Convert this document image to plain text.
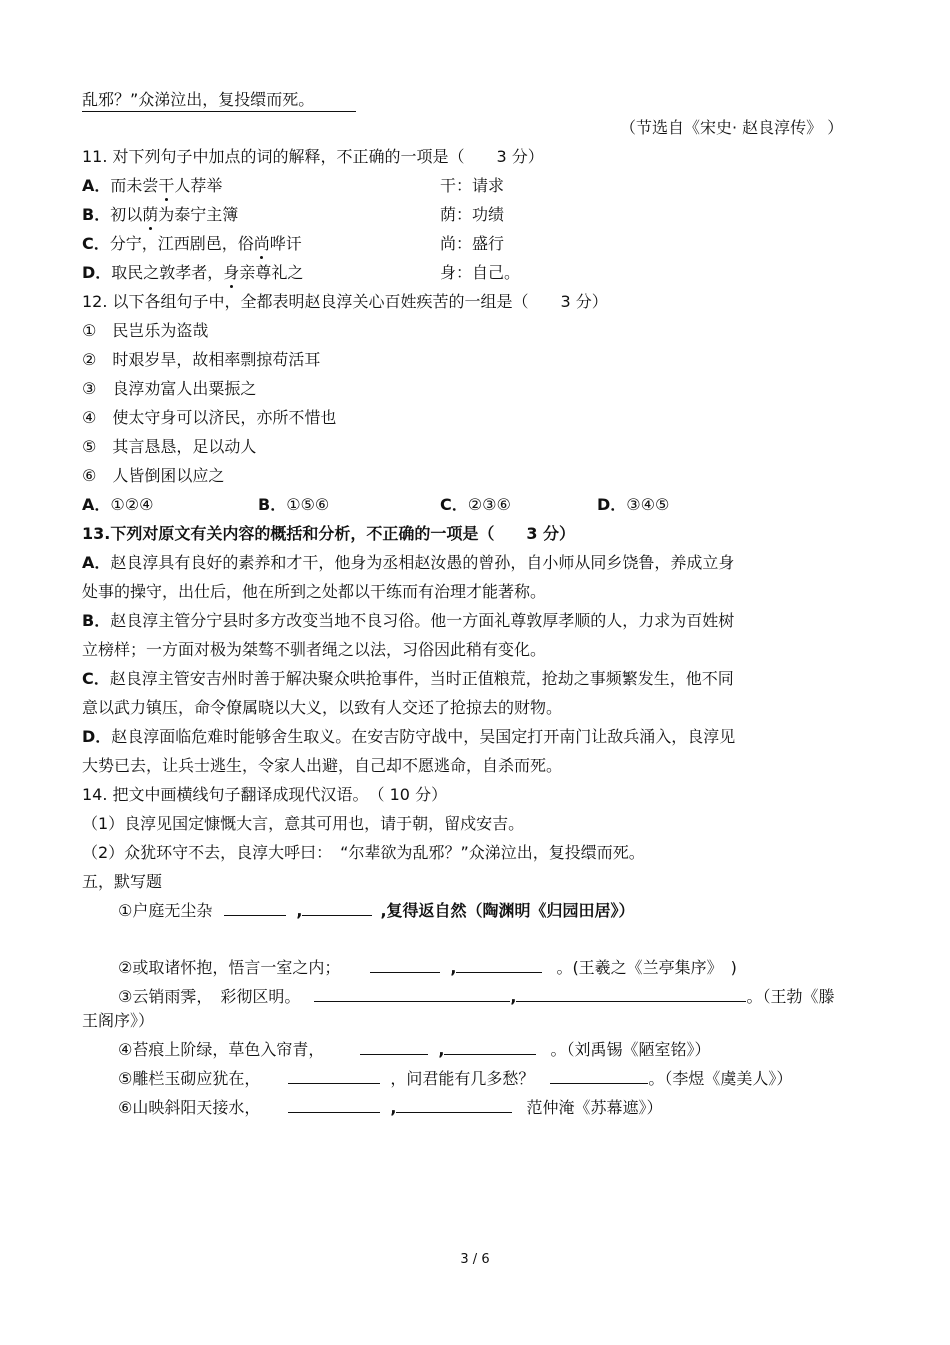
乱邪？”众涕泣出，复投缳而死。
（节选自《宋史· 赵良淳传》 ）
11. 对下列句子中加点的词的解释，不正确的一项是（　　3 分）
A．而未尝干人荐举	干：请求
B．初以荫为泰宁主簿	荫：功绩
C．分宁，江西剧邑，俗尚哗讦	尚：盛行
D．取民之敦孝者，身亲尊礼之	身：自己。
12. 以下各组句子中，全都表明赵良淳关心百姓疾苦的一组是（　　3 分）
①　民岂乐为盗哉
②　时艰岁旱，故相率剽掠苟活耳
③　良淳劝富人出粟振之
④　使太守身可以济民，亦所不惜也
⑤　其言恳恳，足以动人
⑥　人皆倒囷以应之
A．①②④	B．①⑤⑥	C．②③⑥	D．③④⑤
13.下列对原文有关内容的概括和分析，不正确的一项是（　　3 分）
A．赵良淳具有良好的素养和才干，他身为丞相赵汝愚的曾孙，自小师从同乡饶鲁，养成立身
处事的操守，出仕后，他在所到之处都以干练而有治理才能著称。
B．赵良淳主管分宁县时多方改变当地不良习俗。他一方面礼尊敦厚孝顺的人，力求为百姓树
立榜样；一方面对极为桀骜不驯者绳之以法，习俗因此稍有变化。
C．赵良淳主管安吉州时善于解决聚众哄抢事件，当时正值粮荒，抢劫之事频繁发生，他不同
意以武力镇压，命令僚属晓以大义，以致有人交还了抢掠去的财物。
D．赵良淳面临危难时能够舍生取义。在安吉防守战中，吴国定打开南门让敌兵涌入，良淳见
大势已去，让兵士逃生，令家人出避，自己却不愿逃命，自杀而死。
14. 把文中画横线句子翻译成现代汉语。　（ 10 分）
（1）良淳见国定慷慨大言，意其可用也，请于朝，留戍安吉。
（2）众犹环守不去，良淳大呼曰：　“尔辈欲为乱邪？”众涕泣出，复投缳而死。
五，默写题
①户庭无尘杂	,	,复得返自然（陶渊明《归园田居》）
②或取诸怀抱，悟言一室之内；	,	。(王羲之《兰亭集序》　)
③云销雨霁，　彩彻区明。	,	。（王勃《滕
王阁序》）
④苔痕上阶绿，草色入帘青，	,	。（刘禹锡《陋室铭》）
⑤雕栏玉砌应犹在，	，问君能有几多愁？	。（李煜《虞美人》）
⑥山映斜阳天接水，	,	范仲淹《苏幕遮》）
3 / 6
